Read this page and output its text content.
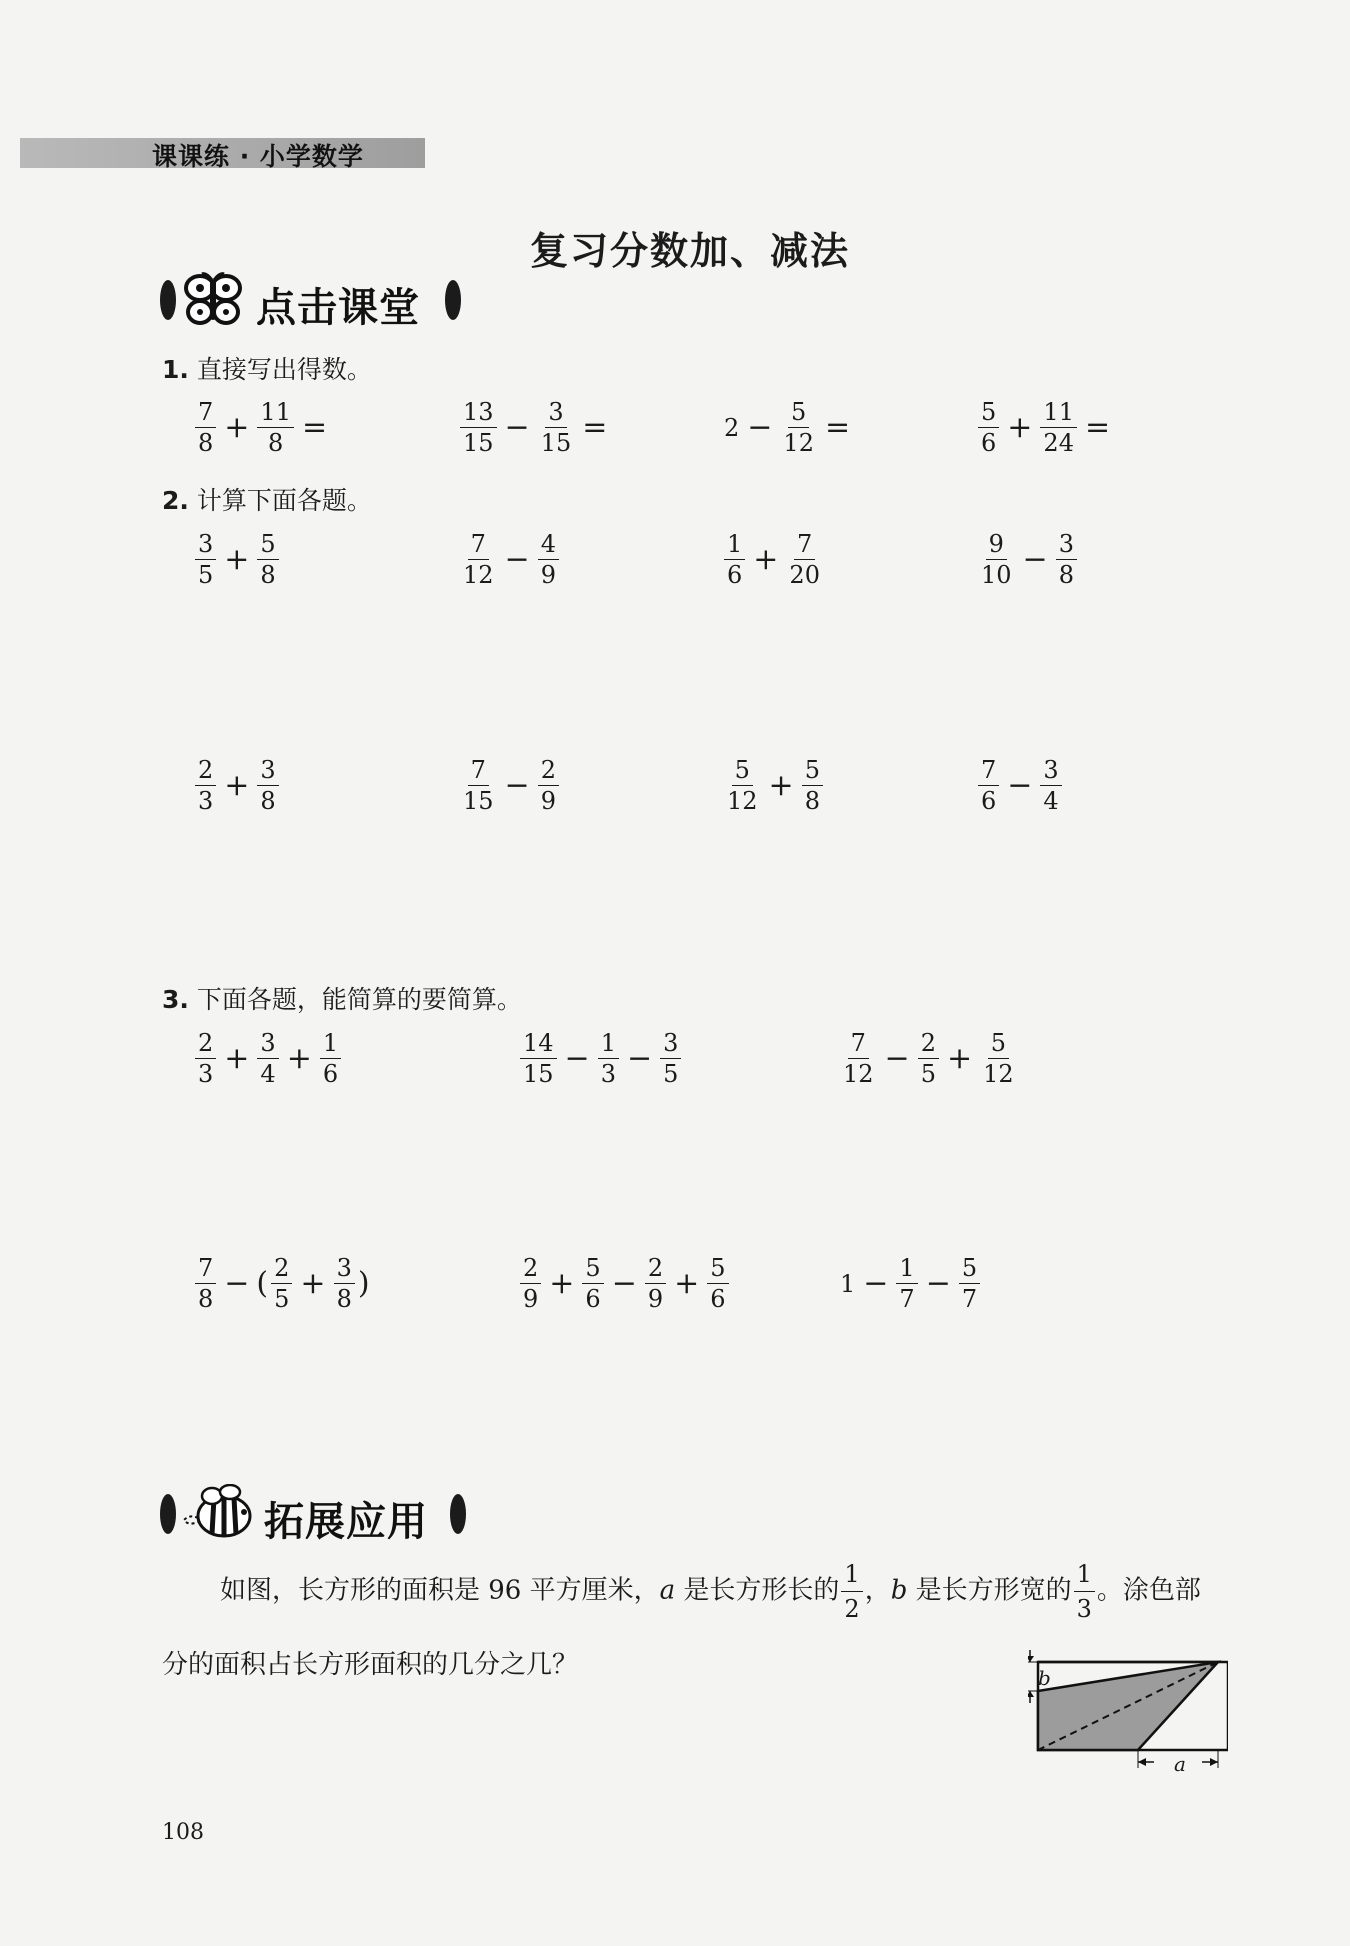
课课练 · 小学数学
复习分数加、减法
点击课堂
1. 直接写出得数。
$\frac{7}{8} + \frac{11}{8}$ =	$\frac{13}{15} - \frac{3}{15}$ =	$2 - \frac{5}{12}$ =	$\frac{5}{6} + \frac{11}{24}$ =
2. 计算下面各题。
$\frac{3}{5} + \frac{5}{8}$	$\frac{7}{12} - \frac{4}{9}$	$\frac{1}{6} + \frac{7}{20}$	$\frac{9}{10} - \frac{3}{8}$
$\frac{2}{3} + \frac{3}{8}$	$\frac{7}{15} - \frac{2}{9}$	$\frac{5}{12} + \frac{5}{8}$	$\frac{7}{6} - \frac{3}{4}$
3. 下面各题，能简算的要简算。
$\frac{2}{3} + \frac{3}{4} + \frac{1}{6}$	$\frac{14}{15} - \frac{1}{3} - \frac{3}{5}$	$\frac{7}{12} - \frac{2}{5} + \frac{5}{12}$
$\frac{7}{8}$ − ( $\frac{2}{5} + \frac{3}{8}$ )	$\frac{2}{9} + \frac{5}{6} - \frac{2}{9} + \frac{5}{6}$	$1 - \frac{1}{7} - \frac{5}{7}$
拓展应用
如图，长方形的面积是 96 平方厘米，a 是长方形长的 $\frac{1}{2}$ ，b 是长方形宽的 $\frac{1}{3}$ 。涂色部
分的面积占长方形面积的几分之几？	b
a
108
